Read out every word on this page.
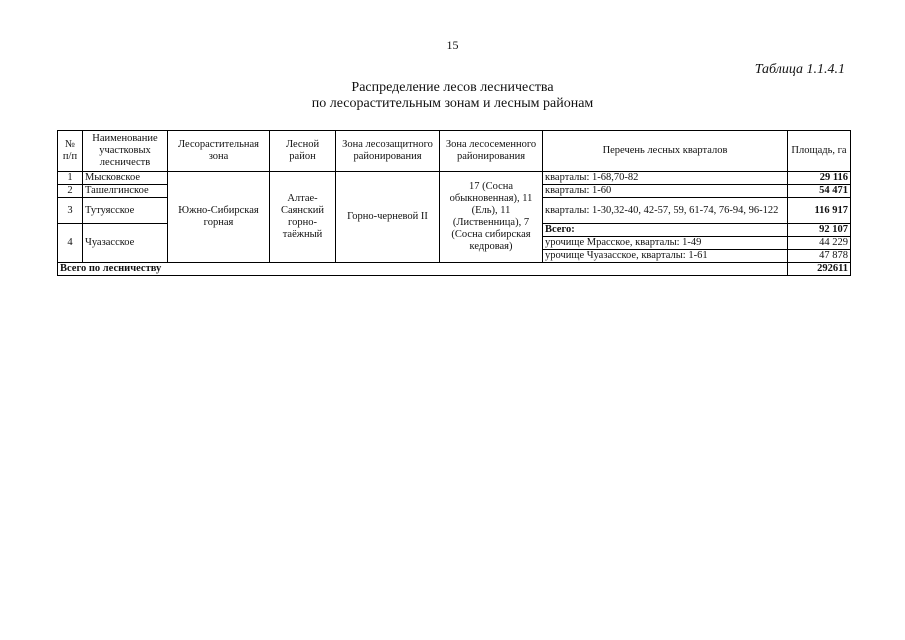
15
Таблица 1.1.4.1
Распределение лесов лесничества
по лесорастительным зонам и лесным районам
№ п/п	Наименование участковых лесничеств	Лесорастительная зона	Лесной район	Зона лесозащитного районирования	Зона лесосеменного районирования	Перечень лесных кварталов	Площадь, га
1	Мысковское	Южно-Сибирская горная	Алтае-Саянский горно-таёжный	Горно-черневой II	17 (Сосна обыкновенная), 11 (Ель), 11 (Лиственница), 7 (Сосна сибирская кедровая)	кварталы: 1-68,70-82	29 116
2	Ташелгинское					кварталы: 1-60	54 471
3	Тутуясское					кварталы: 1-30,32-40, 42-57, 59, 61-74, 76-94, 96-122	116 917
4	Чуазасское					Всего:	92 107
						урочище Мрасское, кварталы: 1-49	44 229
						урочище Чуазасское, кварталы: 1-61	47 878
Всего по лесничеству							292611
